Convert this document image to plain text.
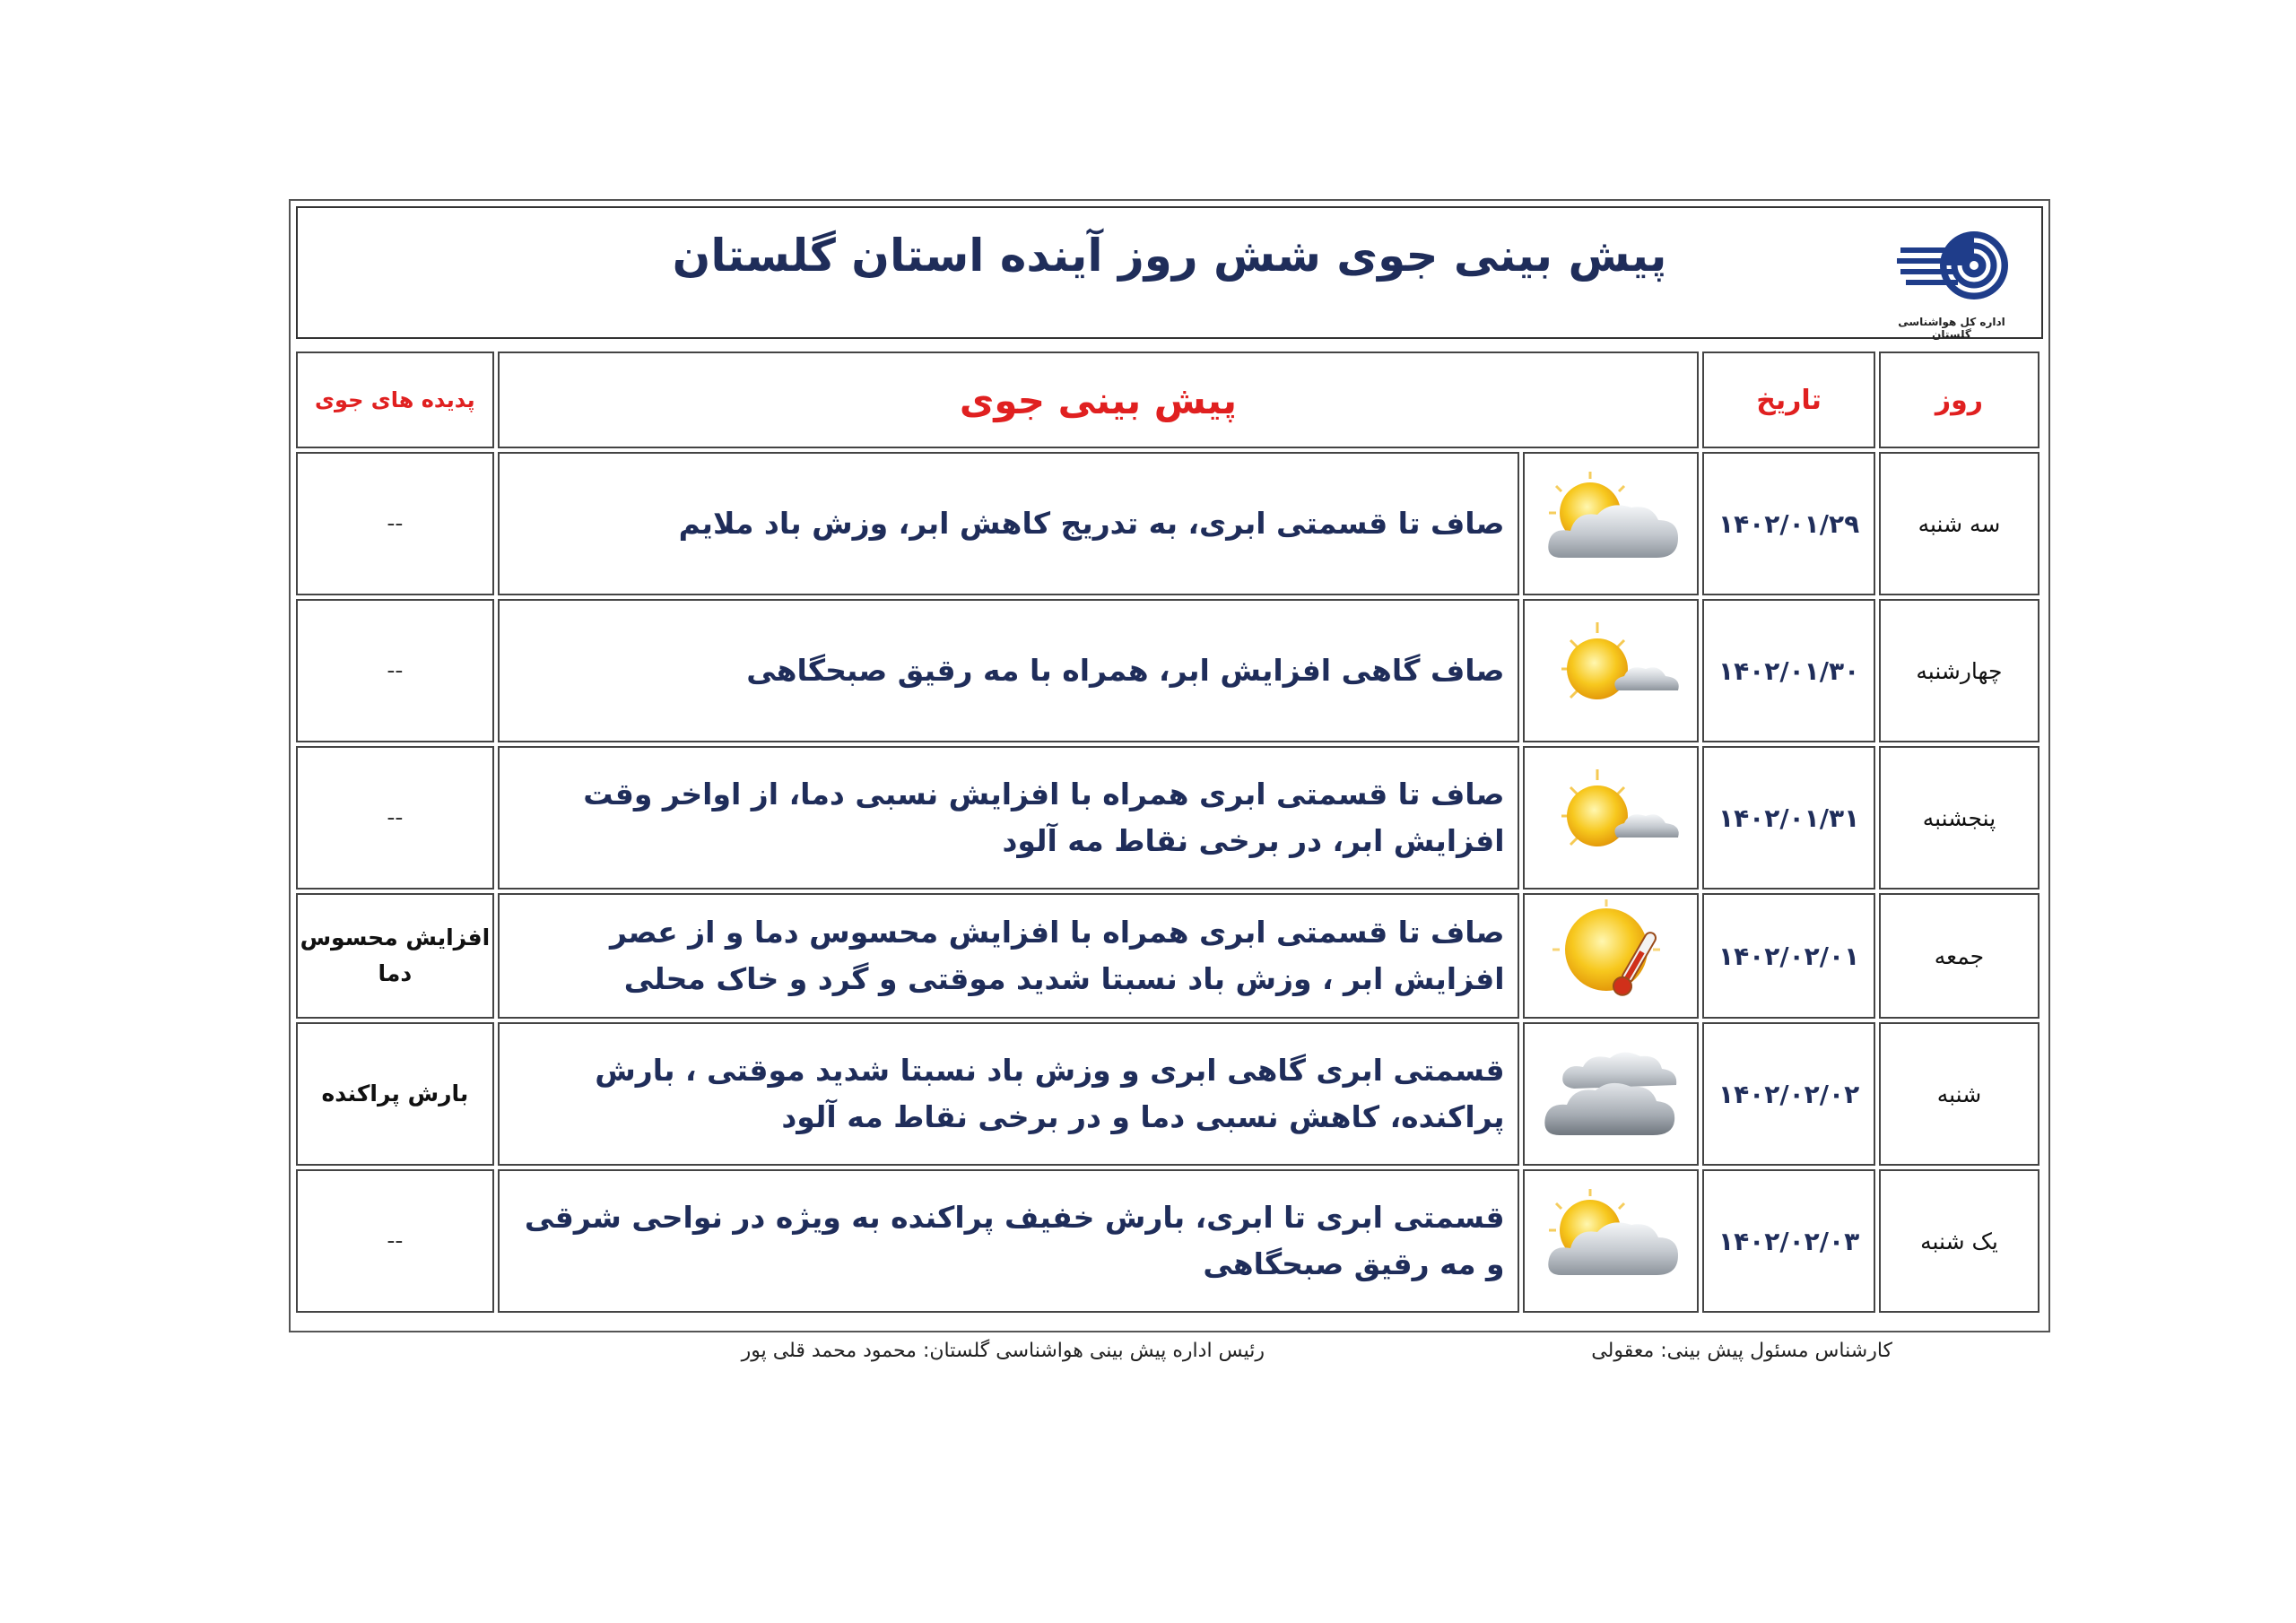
پیش بینی جوی شش روز آینده استان گلستان
اداره کل هواشناسی گلستان
پدیده های جوی	پیش بینی جوی		تاریخ	روز
--	صاف تا قسمتی ابری، به تدریج کاهش ابر، وزش باد ملایم		۱۴۰۲/۰۱/۲۹	سه شنبه
--	صاف گاهی افزایش ابر، همراه با مه رقیق صبحگاهی		۱۴۰۲/۰۱/۳۰	چهارشنبه
--	صاف تا قسمتی ابری همراه با افزایش نسبی دما، از اواخر وقت افزایش ابر، در برخی نقاط مه آلود		۱۴۰۲/۰۱/۳۱	پنجشنبه
افزایش محسوس دما	صاف تا قسمتی ابری همراه با افزایش محسوس دما و از عصر افزایش ابر ، وزش باد نسبتا شدید موقتی و گرد و خاک محلی		۱۴۰۲/۰۲/۰۱	جمعه
بارش پراکنده	قسمتی ابری گاهی ابری و وزش باد نسبتا شدید موقتی ، بارش پراکنده، کاهش نسبی دما و در برخی نقاط مه آلود		۱۴۰۲/۰۲/۰۲	شنبه
--	قسمتی ابری تا ابری، بارش خفیف پراکنده به ویژه در نواحی شرقی و مه رقیق صبحگاهی		۱۴۰۲/۰۲/۰۳	یک شنبه
کارشناس مسئول پیش بینی: معقولی
رئیس اداره پیش بینی هواشناسی گلستان: محمود محمد قلی پور
